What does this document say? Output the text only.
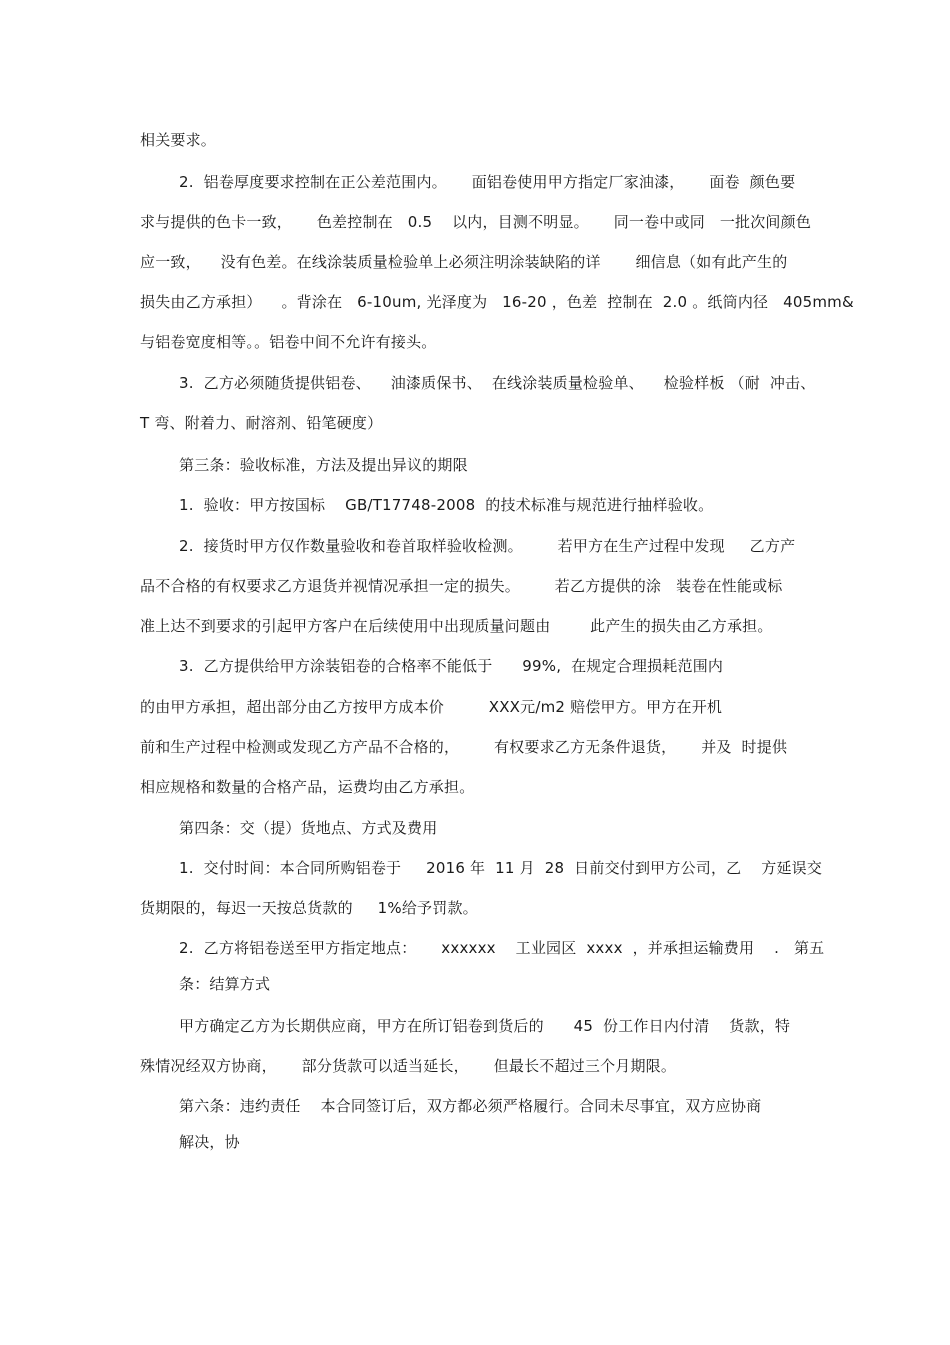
相关要求。
2.  铝卷厚度要求控制在正公差范围内。     面铝卷使用甲方指定厂家油漆，     面卷  颜色要
求与提供的色卡一致，     色差控制在   0.5    以内，目测不明显。     同一卷中或同   一批次间颜色
应一致，    没有色差。在线涂装质量检验单上必须注明涂装缺陷的详       细信息（如有此产生的
损失由乙方承担）    。背涂在   6-10um, 光泽度为   16-20 ，色差  控制在  2.0 。纸筒内径   405mm&
与铝卷宽度相等。。铝卷中间不允许有接头。
3.  乙方必须随货提供铝卷、    油漆质保书、  在线涂装质量检验单、    检验样板 （耐  冲击、
T 弯、附着力、耐溶剂、铅笔硬度）
第三条：验收标准，方法及提出异议的期限
1.  验收：甲方按国标    GB/T17748-2008  的技术标准与规范进行抽样验收。
2.  接货时甲方仅作数量验收和卷首取样验收检测。       若甲方在生产过程中发现     乙方产
品不合格的有权要求乙方退货并视情况承担一定的损失。       若乙方提供的涂   装卷在性能或标
准上达不到要求的引起甲方客户在后续使用中出现质量问题由        此产生的损失由乙方承担。
3.  乙方提供给甲方涂装铝卷的合格率不能低于      99%,  在规定合理损耗范围内
的由甲方承担，超出部分由乙方按甲方成本价         XXX元/m2 赔偿甲方。甲方在开机
前和生产过程中检测或发现乙方产品不合格的，       有权要求乙方无条件退货，     并及  时提供
相应规格和数量的合格产品，运费均由乙方承担。
第四条：交（提）货地点、方式及费用
1.  交付时间：本合同所购铝卷于     2016 年  11 月  28  日前交付到甲方公司，乙    方延误交
货期限的，每迟一天按总货款的     1%给予罚款。
2.  乙方将铝卷送至甲方指定地点：     xxxxxx    工业园区  xxxx  ，并承担运输费用    .   第五
条：结算方式
甲方确定乙方为长期供应商，甲方在所订铝卷到货后的      45  份工作日内付清    货款，特
殊情况经双方协商，     部分货款可以适当延长，     但最长不超过三个月期限。
第六条：违约责任    本合同签订后，双方都必须严格履行。合同未尽事宜，双方应协商
解决，协
